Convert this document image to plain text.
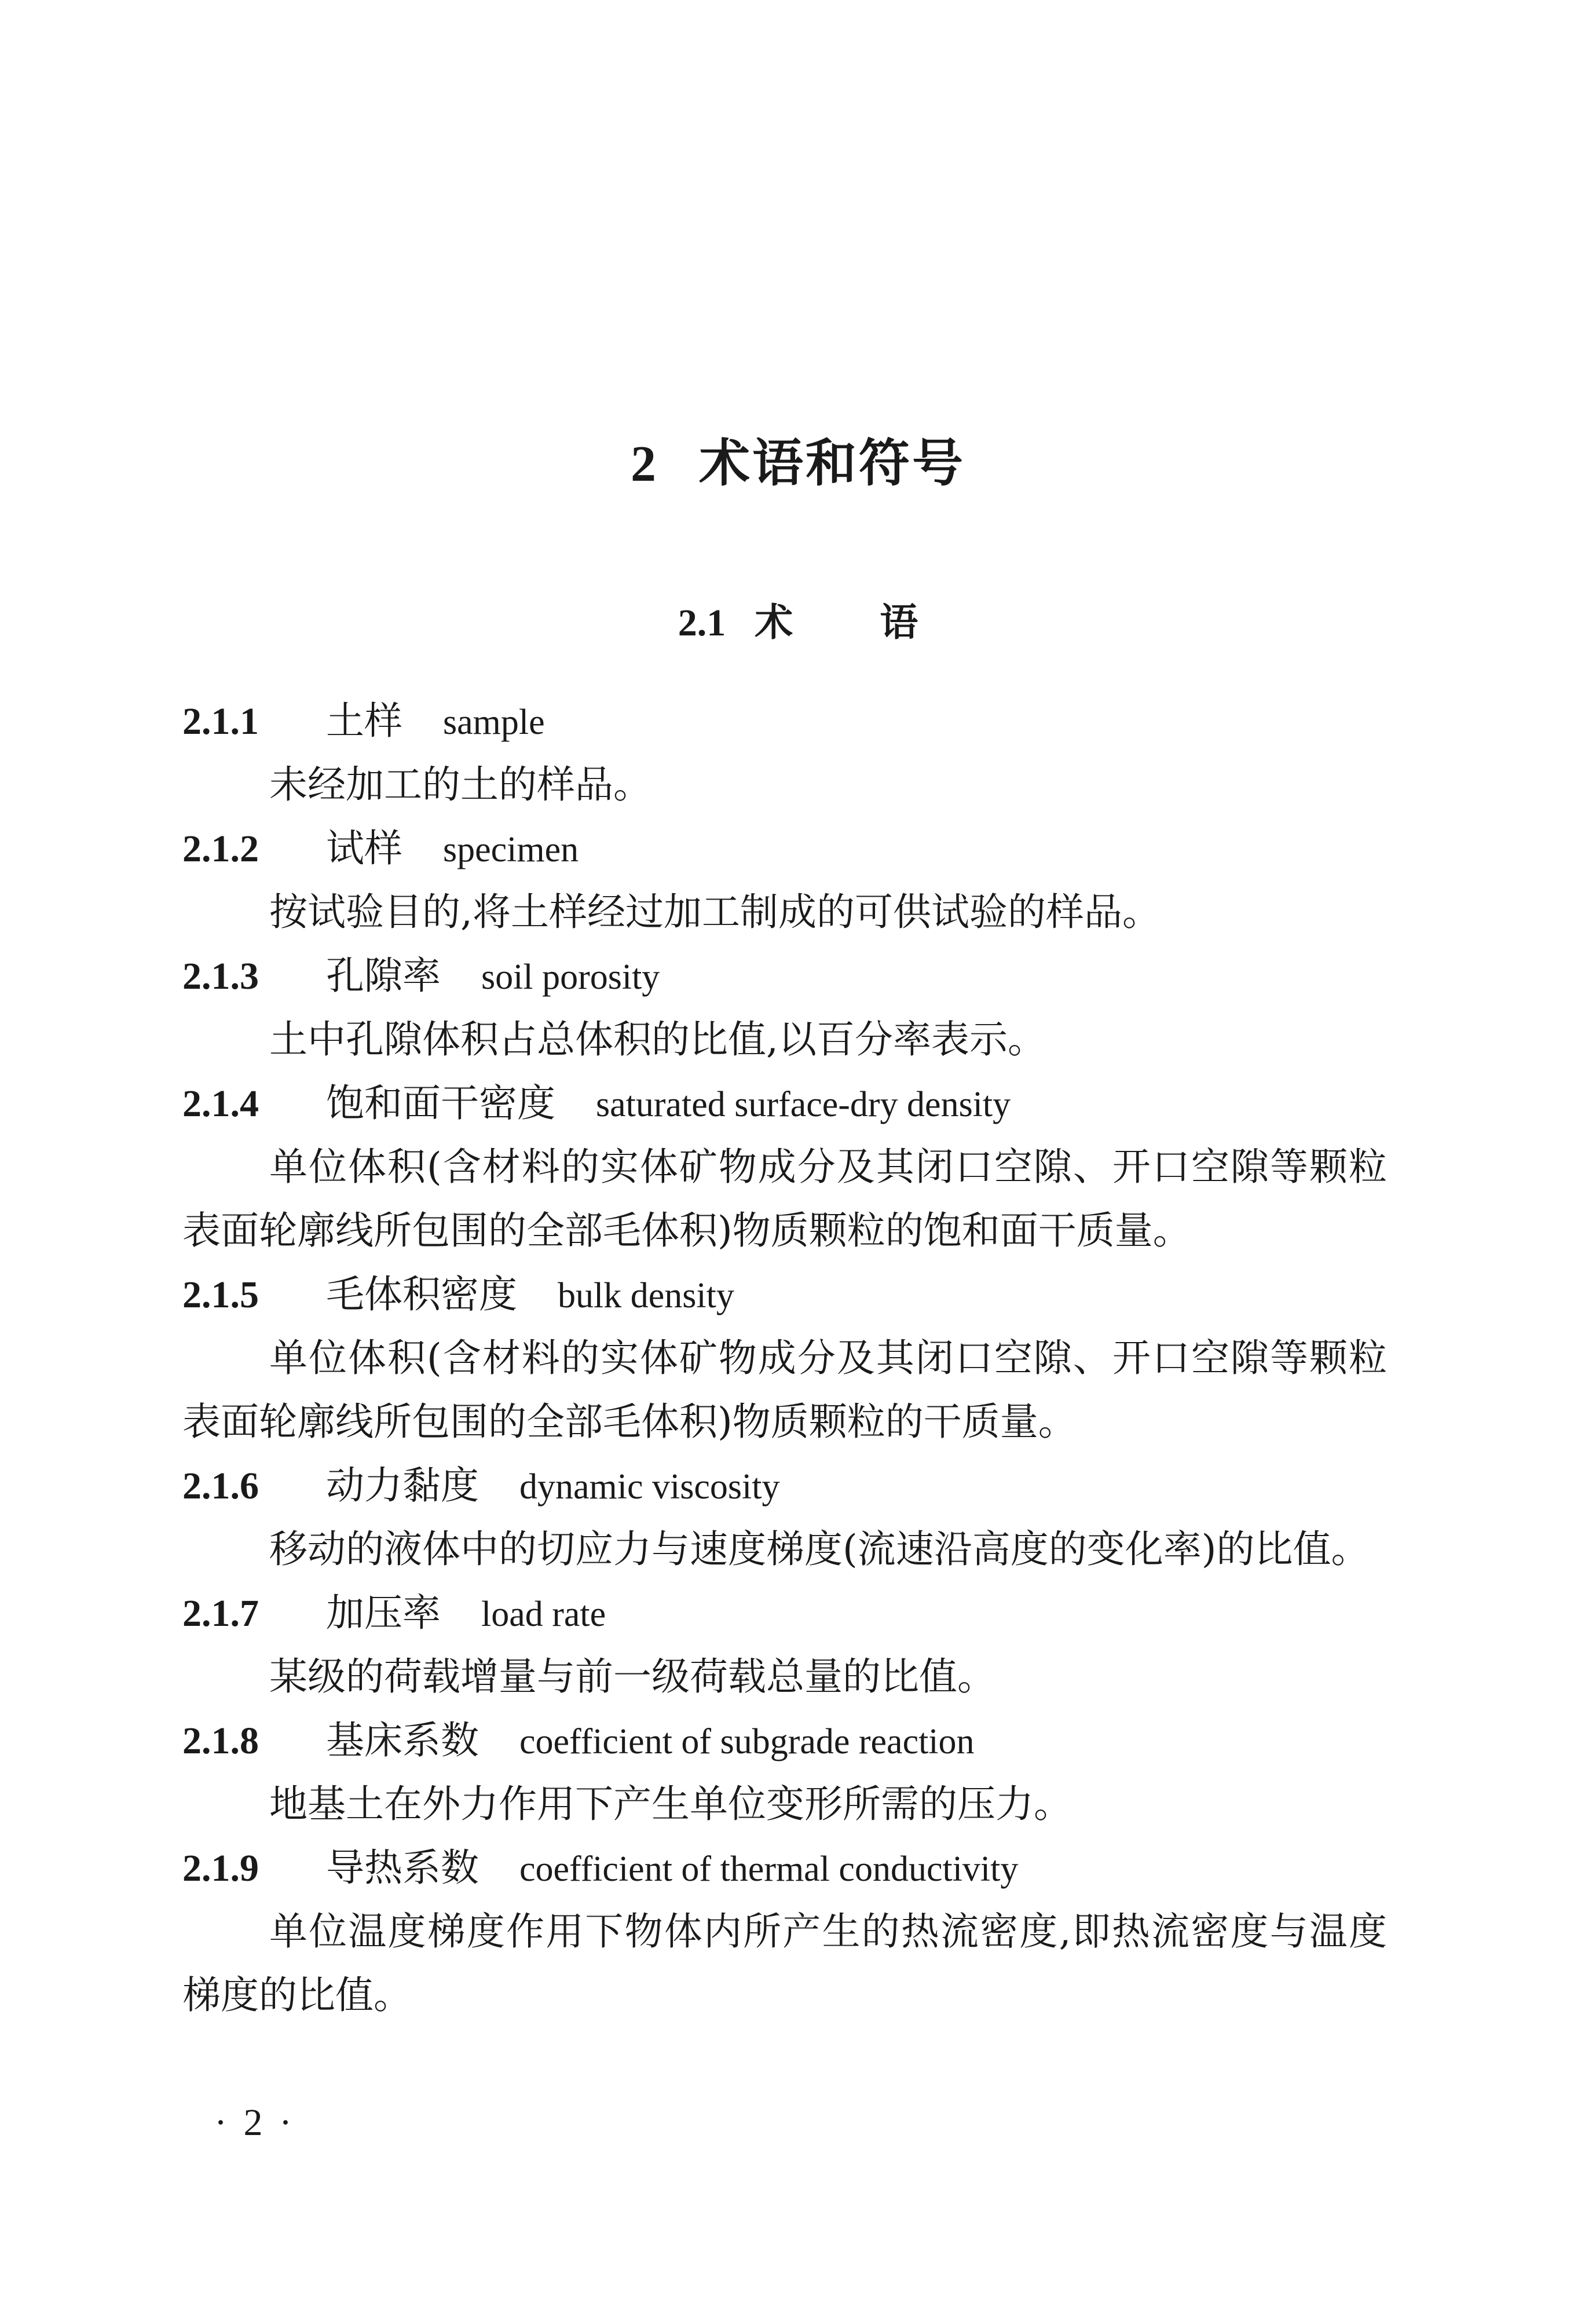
2 术语和符号
2.1 术 语
2.1.1 土样 sample
未经加工的土的样品。
2.1.2 试样 specimen
按试验目的,将土样经过加工制成的可供试验的样品。
2.1.3 孔隙率 soil porosity
土中孔隙体积占总体积的比值,以百分率表示。
2.1.4 饱和面干密度 saturated surface-dry density
单位体积(含材料的实体矿物成分及其闭口空隙、开口空隙等颗粒表面轮廓线所包围的全部毛体积)物质颗粒的饱和面干质量。
2.1.5 毛体积密度 bulk density
单位体积(含材料的实体矿物成分及其闭口空隙、开口空隙等颗粒表面轮廓线所包围的全部毛体积)物质颗粒的干质量。
2.1.6 动力黏度 dynamic viscosity
移动的液体中的切应力与速度梯度(流速沿高度的变化率)的比值。
2.1.7 加压率 load rate
某级的荷载增量与前一级荷载总量的比值。
2.1.8 基床系数 coefficient of subgrade reaction
地基土在外力作用下产生单位变形所需的压力。
2.1.9 导热系数 coefficient of thermal conductivity
单位温度梯度作用下物体内所产生的热流密度,即热流密度与温度梯度的比值。
· 2 ·
